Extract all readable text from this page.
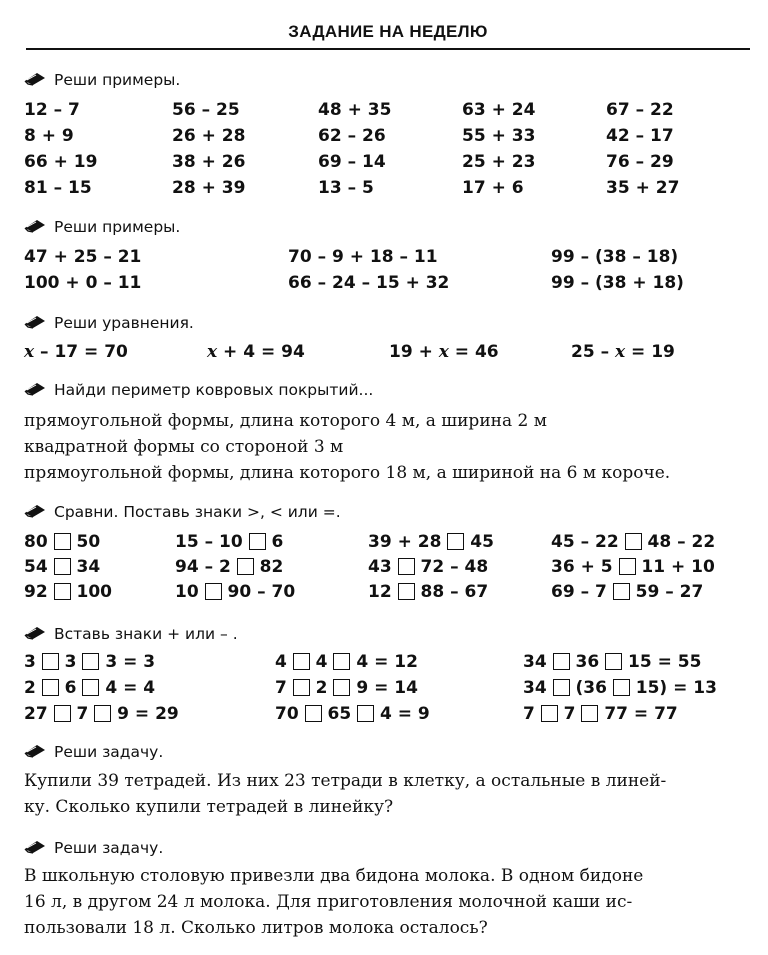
ЗАДАНИЕ НА НЕДЕЛЮ
Реши примеры.
12 – 7	56 – 25	48 + 35	63 + 24	67 – 22
8 + 9	26 + 28	62 – 26	55 + 33	42 – 17
66 + 19	38 + 26	69 – 14	25 + 23	76 – 29
81 – 15	28 + 39	13 – 5	17 + 6	35 + 27
Реши примеры.
47 + 25 – 21	70 – 9 + 18 – 11	99 – (38 – 18)
100 + 0 – 11	66 – 24 – 15 + 32	99 – (38 + 18)
Реши уравнения.
x – 17 = 70	x + 4 = 94	19 + x = 46	25 – x = 19
Найди периметр ковровых покрытий...
прямоугольной формы, длина которого 4 м, а ширина 2 м
квадратной формы со стороной 3 м
прямоугольной формы, длина которого 18 м, а шириной на 6 м короче.
Сравни. Поставь знаки >, < или =.
80  50	15 – 10  6	39 + 28  45	45 – 22  48 – 22
54  34	94 – 2  82	43  72 – 48	36 + 5  11 + 10
92  100	10  90 – 70	12  88 – 67	69 – 7  59 – 27
Вставь знаки + или – .
3  3  3 = 3	4  4  4 = 12	34  36  15 = 55
2  6  4 = 4	7  2  9 = 14	34  (36  15) = 13
27  7  9 = 29	70  65  4 = 9	7  7  77 = 77
Реши задачу.
Купили 39 тетрадей. Из них 23 тетради в клетку, а остальные в линей-
ку. Сколько купили тетрадей в линейку?
Реши задачу.
В школьную столовую привезли два бидона молока. В одном бидоне
16 л, в другом 24 л молока. Для приготовления молочной каши ис-
пользовали 18 л. Сколько литров молока осталось?
